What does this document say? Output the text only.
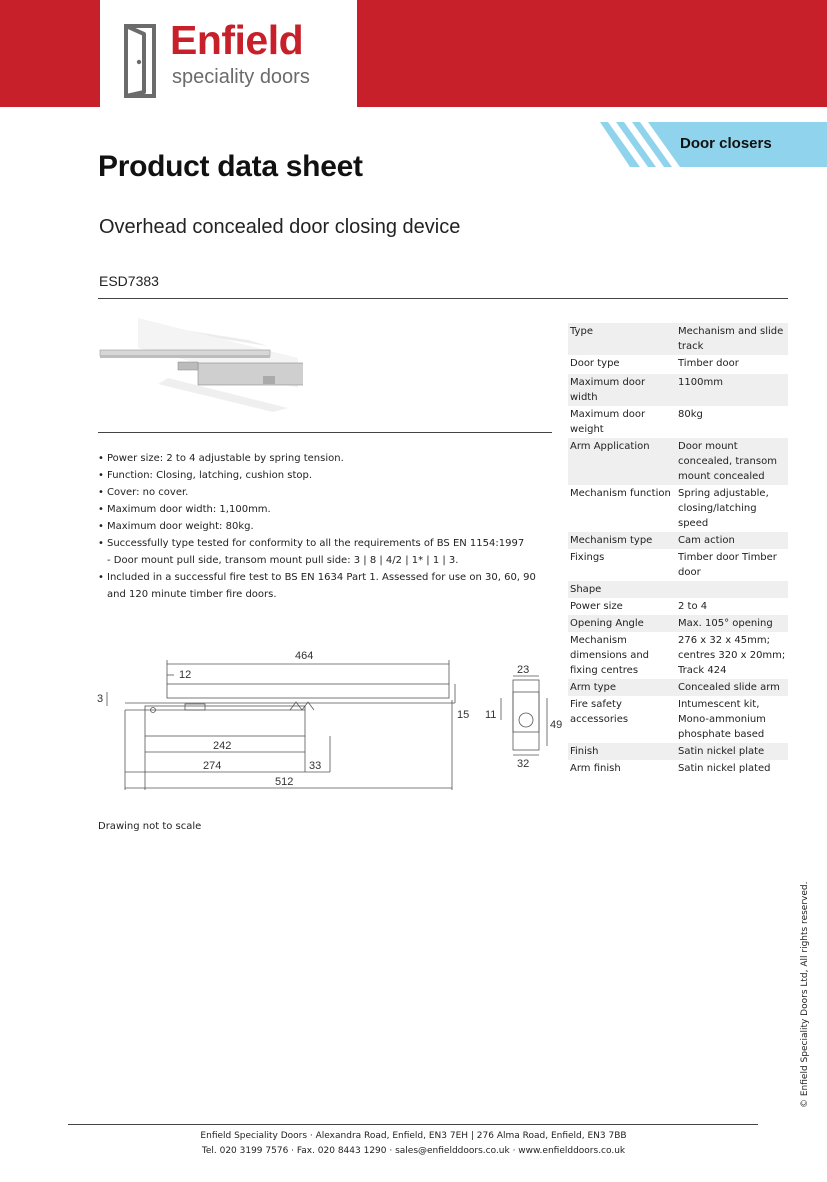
Enfield
speciality doors
Door closers
Product data sheet
Overhead concealed door closing device
ESD7383
• Power size: 2 to 4 adjustable by spring tension.
• Function: Closing, latching, cushion stop.
• Cover: no cover.
• Maximum door width: 1,100mm.
• Maximum door weight: 80kg.
• Successfully type tested for conformity to all the requirements of BS EN 1154:1997
- Door mount pull side, transom mount pull side: 3 | 8 | 4/2 | 1* | 1 | 3.
• Included in a successful fire test to BS EN 1634 Part 1. Assessed for use on 30, 60, 90
and 120 minute timber fire doors.
Type	Mechanism and slide track
Door type	Timber door

Maximum door width	1100mm
Maximum door weight	80kg
Arm Application	Door mount concealed, transom mount concealed
Mechanism function	Spring adjustable, closing/latching speed
Mechanism type	Cam action
Fixings	Timber door Timber door
Shape	
Power size	2 to 4
Opening Angle	Max. 105° opening
Mechanism dimensions and fixing centres	276 x 32 x 45mm; centres 320 x 20mm; Track 424
Arm type	Concealed slide arm
Fire safety accessories	Intumescent kit, Mono-ammonium phosphate based
Finish	Satin nickel plate
Arm finish	Satin nickel plated
464
12
3
15
242
274	33
512
23
11
49
32
Drawing not to scale
© Enfield Speciality Doors Ltd, All rights reserved.
Enfield Speciality Doors · Alexandra Road, Enfield, EN3 7EH | 276 Alma Road, Enfield, EN3 7BB
Tel. 020 3199 7576 · Fax. 020 8443 1290 · sales@enfielddoors.co.uk · www.enfielddoors.co.uk
